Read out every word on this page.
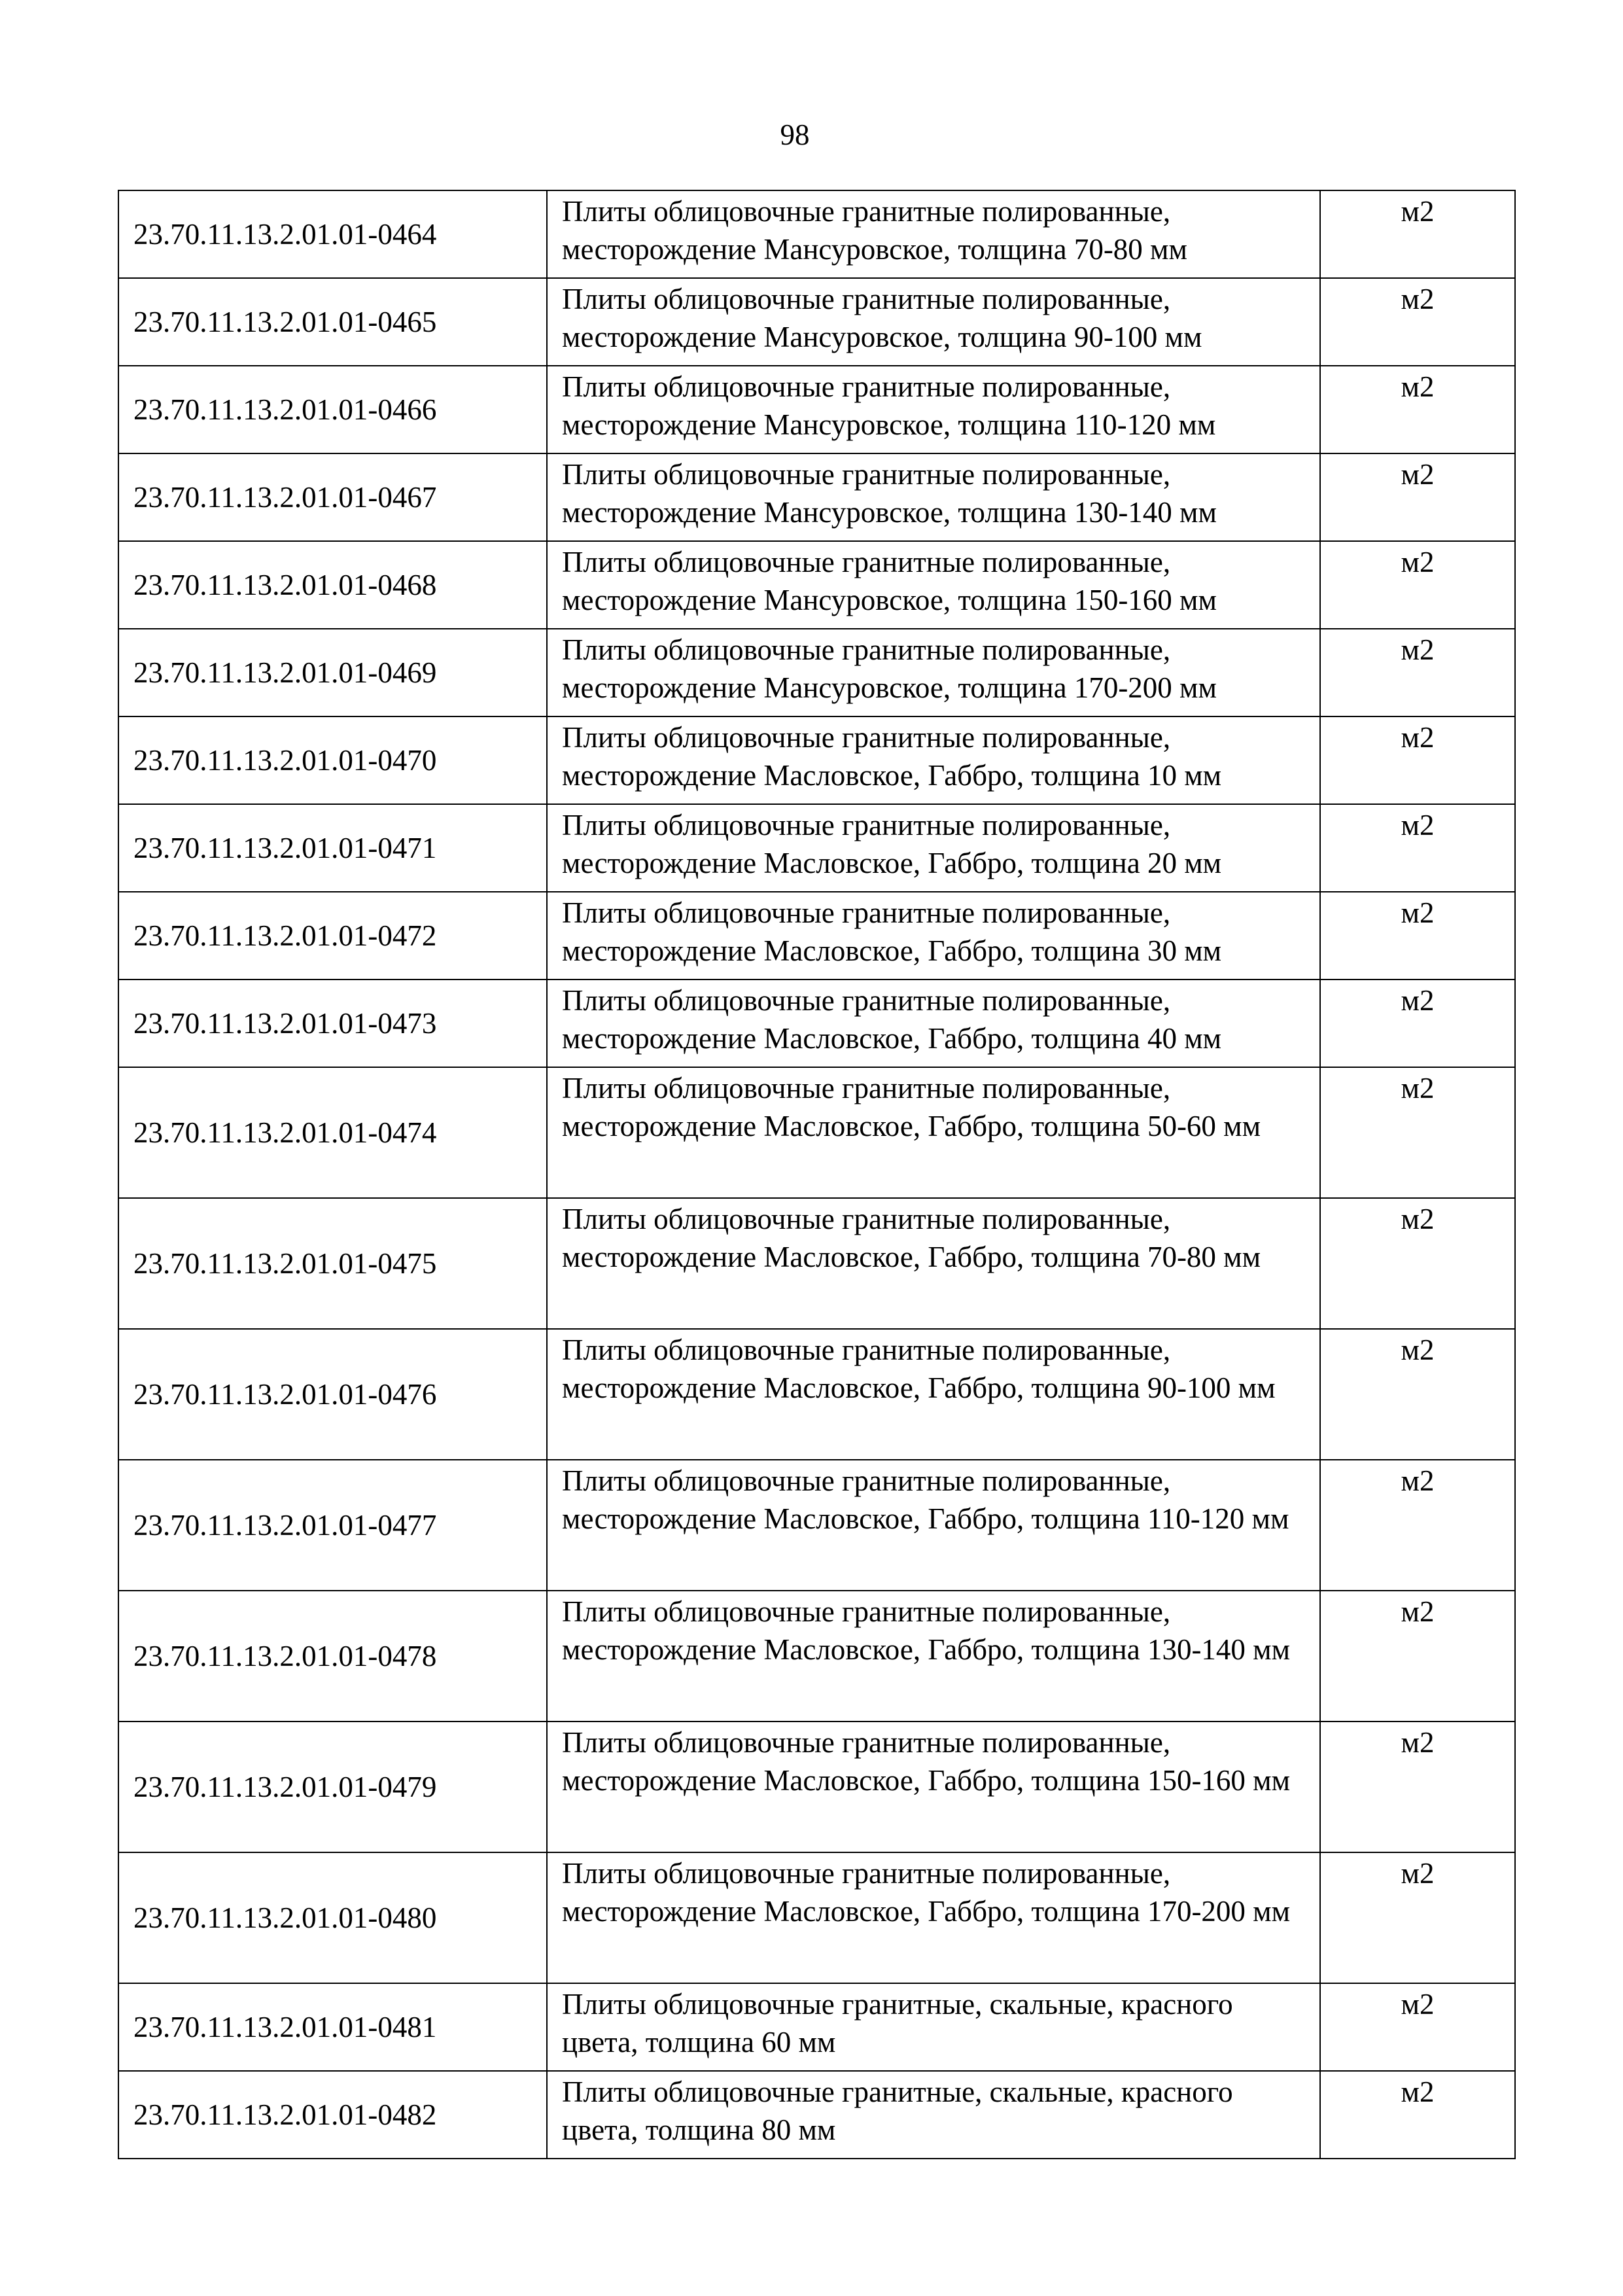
98
23.70.11.13.2.01.01-0464	Плиты облицовочные гранитные полированные, месторождение Мансуровское, толщина 70-80 мм	м2
23.70.11.13.2.01.01-0465	Плиты облицовочные гранитные полированные, месторождение Мансуровское, толщина 90-100 мм	м2
23.70.11.13.2.01.01-0466	Плиты облицовочные гранитные полированные, месторождение Мансуровское, толщина 110-120 мм	м2
23.70.11.13.2.01.01-0467	Плиты облицовочные гранитные полированные, месторождение Мансуровское, толщина 130-140 мм	м2
23.70.11.13.2.01.01-0468	Плиты облицовочные гранитные полированные, месторождение Мансуровское, толщина 150-160 мм	м2
23.70.11.13.2.01.01-0469	Плиты облицовочные гранитные полированные, месторождение Мансуровское, толщина 170-200 мм	м2
23.70.11.13.2.01.01-0470	Плиты облицовочные гранитные полированные, месторождение Масловское, Габбро, толщина 10 мм	м2
23.70.11.13.2.01.01-0471	Плиты облицовочные гранитные полированные, месторождение Масловское, Габбро, толщина 20 мм	м2
23.70.11.13.2.01.01-0472	Плиты облицовочные гранитные полированные, месторождение Масловское, Габбро, толщина 30 мм	м2
23.70.11.13.2.01.01-0473	Плиты облицовочные гранитные полированные, месторождение Масловское, Габбро, толщина 40 мм	м2
23.70.11.13.2.01.01-0474	Плиты облицовочные гранитные полированные, месторождение Масловское, Габбро, толщина 50-60 мм	м2
23.70.11.13.2.01.01-0475	Плиты облицовочные гранитные полированные, месторождение Масловское, Габбро, толщина 70-80 мм	м2
23.70.11.13.2.01.01-0476	Плиты облицовочные гранитные полированные, месторождение Масловское, Габбро, толщина 90-100 мм	м2
23.70.11.13.2.01.01-0477	Плиты облицовочные гранитные полированные, месторождение Масловское, Габбро, толщина 110-120 мм	м2
23.70.11.13.2.01.01-0478	Плиты облицовочные гранитные полированные, месторождение Масловское, Габбро, толщина 130-140 мм	м2
23.70.11.13.2.01.01-0479	Плиты облицовочные гранитные полированные, месторождение Масловское, Габбро, толщина 150-160 мм	м2
23.70.11.13.2.01.01-0480	Плиты облицовочные гранитные полированные, месторождение Масловское, Габбро, толщина 170-200 мм	м2
23.70.11.13.2.01.01-0481	Плиты облицовочные гранитные, скальные, красного цвета, толщина 60 мм	м2
23.70.11.13.2.01.01-0482	Плиты облицовочные гранитные, скальные, красного цвета, толщина 80 мм	м2
